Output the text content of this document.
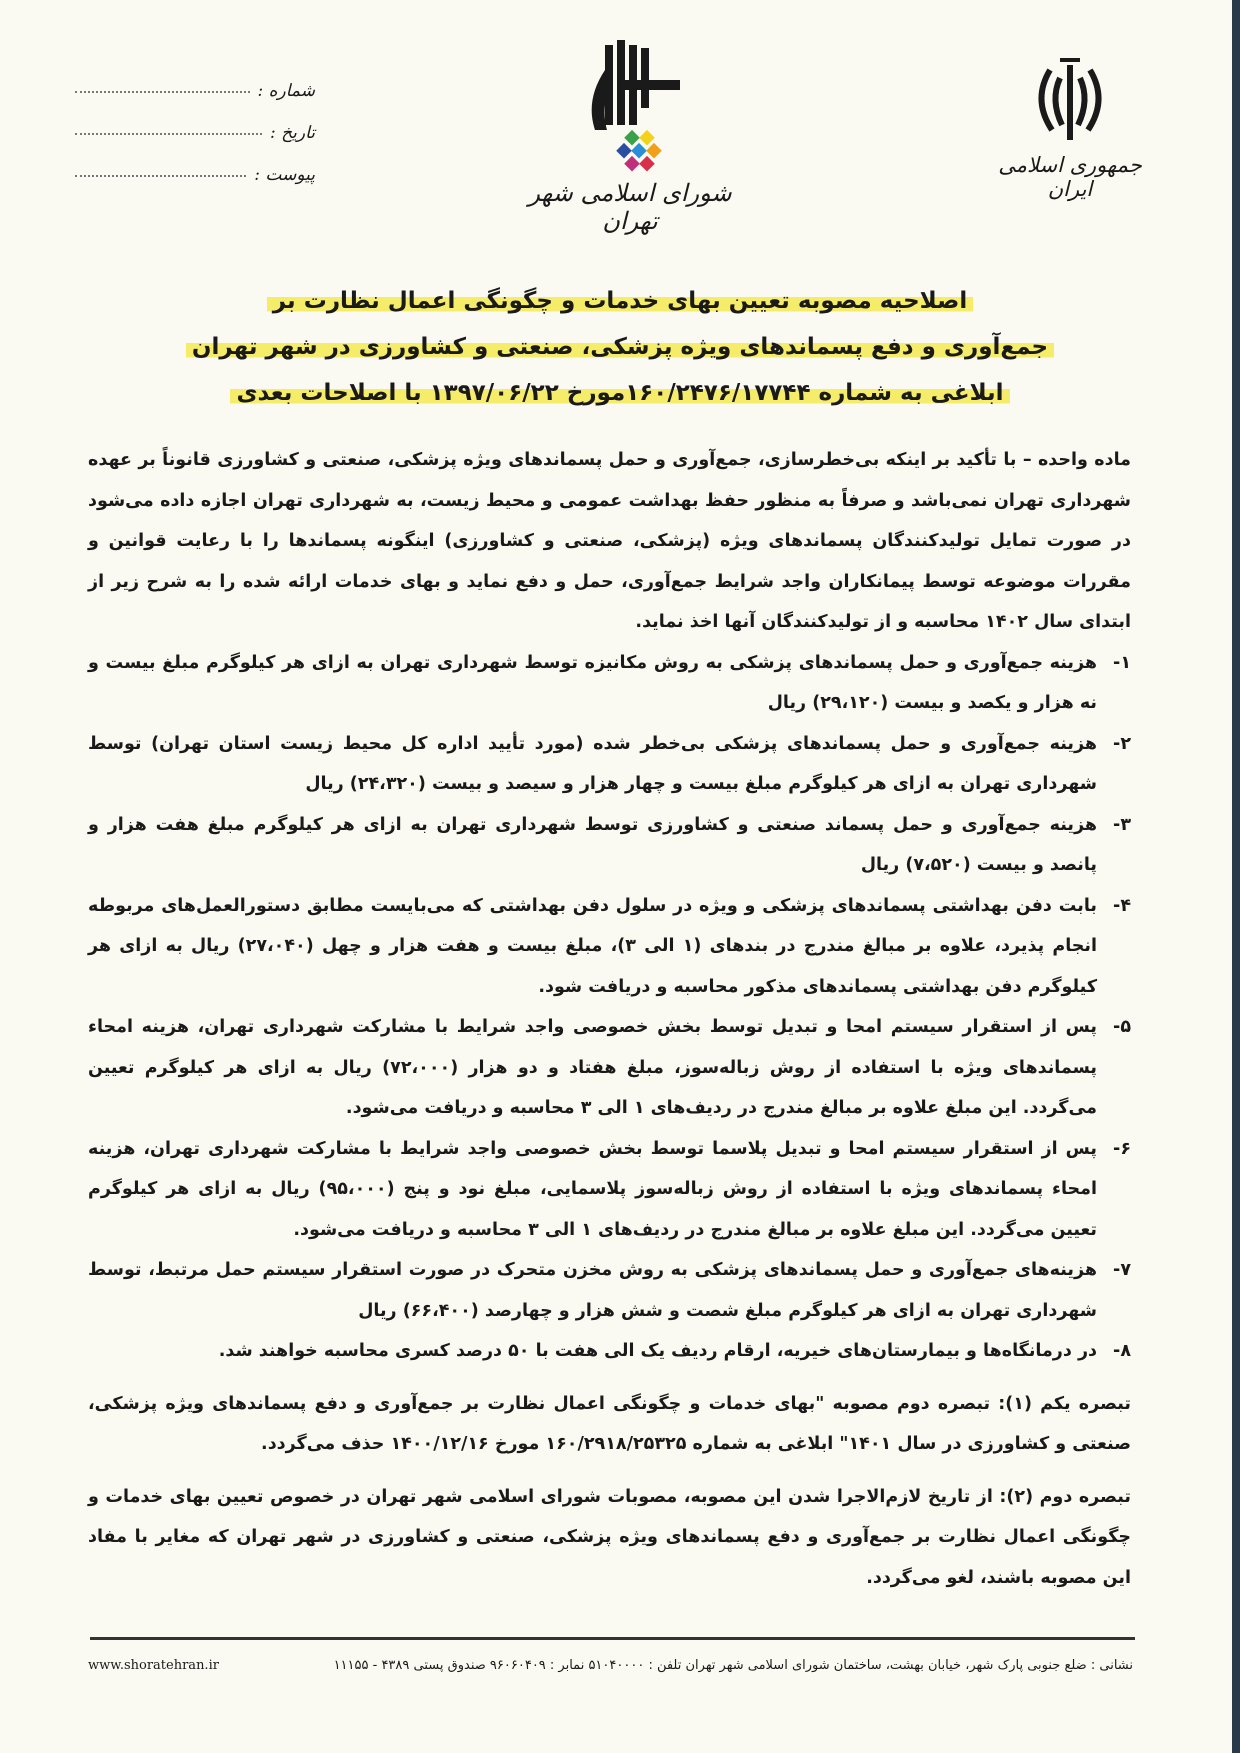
جمهوری اسلامی ایران
شورای اسلامی شهر تهران
شماره :
تاریخ :
پیوست :
اصلاحیه مصوبه تعیین بهای خدمات و چگونگی اعمال نظارت بر
جمع‌آوری و دفع پسماندهای ویژه پزشکی، صنعتی و کشاورزی در شهر تهران
ابلاغی به شماره ۱۶۰/۲۴۷۶/۱۷۷۴۴مورخ ۱۳۹۷/۰۶/۲۲ با اصلاحات بعدی

ماده واحده – با تأکید بر اینکه بی‌خطرسازی، جمع‌آوری و حمل پسماندهای ویژه پزشکی، صنعتی و کشاورزی قانوناً بر عهده شهرداری تهران نمی‌باشد و صرفاً به منظور حفظ بهداشت عمومی و محیط زیست، به شهرداری تهران اجازه داده می‌شود در صورت تمایل تولیدکنندگان پسماندهای ویژه (پزشکی، صنعتی و کشاورزی) اینگونه پسماندها را با رعایت قوانین و مقررات موضوعه توسط پیمانکاران واجد شرایط جمع‌آوری، حمل و دفع نماید و بهای خدمات ارائه شده را به شرح زیر از ابتدای سال ۱۴۰۲ محاسبه و از تولیدکنندگان آنها اخذ نماید.

۱-
هزینه جمع‌آوری و حمل پسماندهای پزشکی به روش مکانیزه توسط شهرداری تهران به ازای هر کیلوگرم مبلغ بیست و نه هزار و یکصد و بیست (۲۹،۱۲۰) ریال
۲-
هزینه جمع‌آوری و حمل پسماندهای پزشکی بی‌خطر شده (مورد تأیید اداره کل محیط زیست استان تهران) توسط شهرداری تهران به ازای هر کیلوگرم مبلغ بیست و چهار هزار و سیصد و بیست (۲۴،۳۲۰) ریال
۳-
هزینه جمع‌آوری و حمل پسماند صنعتی و کشاورزی توسط شهرداری تهران به ازای هر کیلوگرم مبلغ هفت هزار و پانصد و بیست (۷،۵۲۰) ریال
۴-
بابت دفن بهداشتی پسماندهای پزشکی و ویژه در سلول دفن بهداشتی که می‌بایست مطابق دستورالعمل‌های مربوطه انجام پذیرد، علاوه بر مبالغ مندرج در بندهای (۱ الی ۳)، مبلغ بیست و هفت هزار و چهل (۲۷،۰۴۰) ریال به ازای هر کیلوگرم دفن بهداشتی پسماندهای مذکور محاسبه و دریافت شود.
۵-
پس از استقرار سیستم امحا و تبدیل توسط بخش خصوصی واجد شرایط با مشارکت شهرداری تهران، هزینه امحاء پسماندهای ویژه با استفاده از روش زباله‌سوز، مبلغ هفتاد و دو هزار (۷۲،۰۰۰) ریال به ازای هر کیلوگرم تعیین می‌گردد. این مبلغ علاوه بر مبالغ مندرج در ردیف‌های ۱ الی ۳ محاسبه و دریافت می‌شود.
۶-
پس از استقرار سیستم امحا و تبدیل پلاسما توسط بخش خصوصی واجد شرایط با مشارکت شهرداری تهران، هزینه امحاء پسماندهای ویژه با استفاده از روش زباله‌سوز پلاسمایی، مبلغ نود و پنج (۹۵،۰۰۰) ریال به ازای هر کیلوگرم تعیین می‌گردد. این مبلغ علاوه بر مبالغ مندرج در ردیف‌های ۱ الی ۳ محاسبه و دریافت می‌شود.
۷-
هزینه‌های جمع‌آوری و حمل پسماندهای پزشکی به روش مخزن متحرک در صورت استقرار سیستم حمل مرتبط، توسط شهرداری تهران به ازای هر کیلوگرم مبلغ شصت و شش هزار و چهارصد (۶۶،۴۰۰) ریال
۸-
در درمانگاه‌ها و بیمارستان‌های خیریه، ارقام ردیف یک الی هفت با ۵۰ درصد کسری محاسبه خواهند شد.

تبصره یکم (۱): تبصره دوم مصوبه "بهای خدمات و چگونگی اعمال نظارت بر جمع‌آوری و دفع پسماندهای ویژه پزشکی، صنعتی و کشاورزی در سال ۱۴۰۱" ابلاغی به شماره ۱۶۰/۲۹۱۸/۲۵۳۲۵ مورخ ۱۴۰۰/۱۲/۱۶ حذف می‌گردد.

تبصره دوم (۲): از تاریخ لازم‌الاجرا شدن این مصوبه، مصوبات شورای اسلامی شهر تهران در خصوص تعیین بهای خدمات و چگونگی اعمال نظارت بر جمع‌آوری و دفع پسماندهای ویژه پزشکی، صنعتی و کشاورزی در شهر تهران که مغایر با مفاد این مصوبه باشند، لغو می‌گردد.

نشانی : ضلع جنوبی پارک شهر، خیابان بهشت، ساختمان شورای اسلامی شهر تهران تلفن : ۵۱۰۴۰۰۰۰ نمابر : ۹۶۰۶۰۴۰۹ صندوق پستی ۴۳۸۹ - ۱۱۱۵۵
www.shoratehran.ir
